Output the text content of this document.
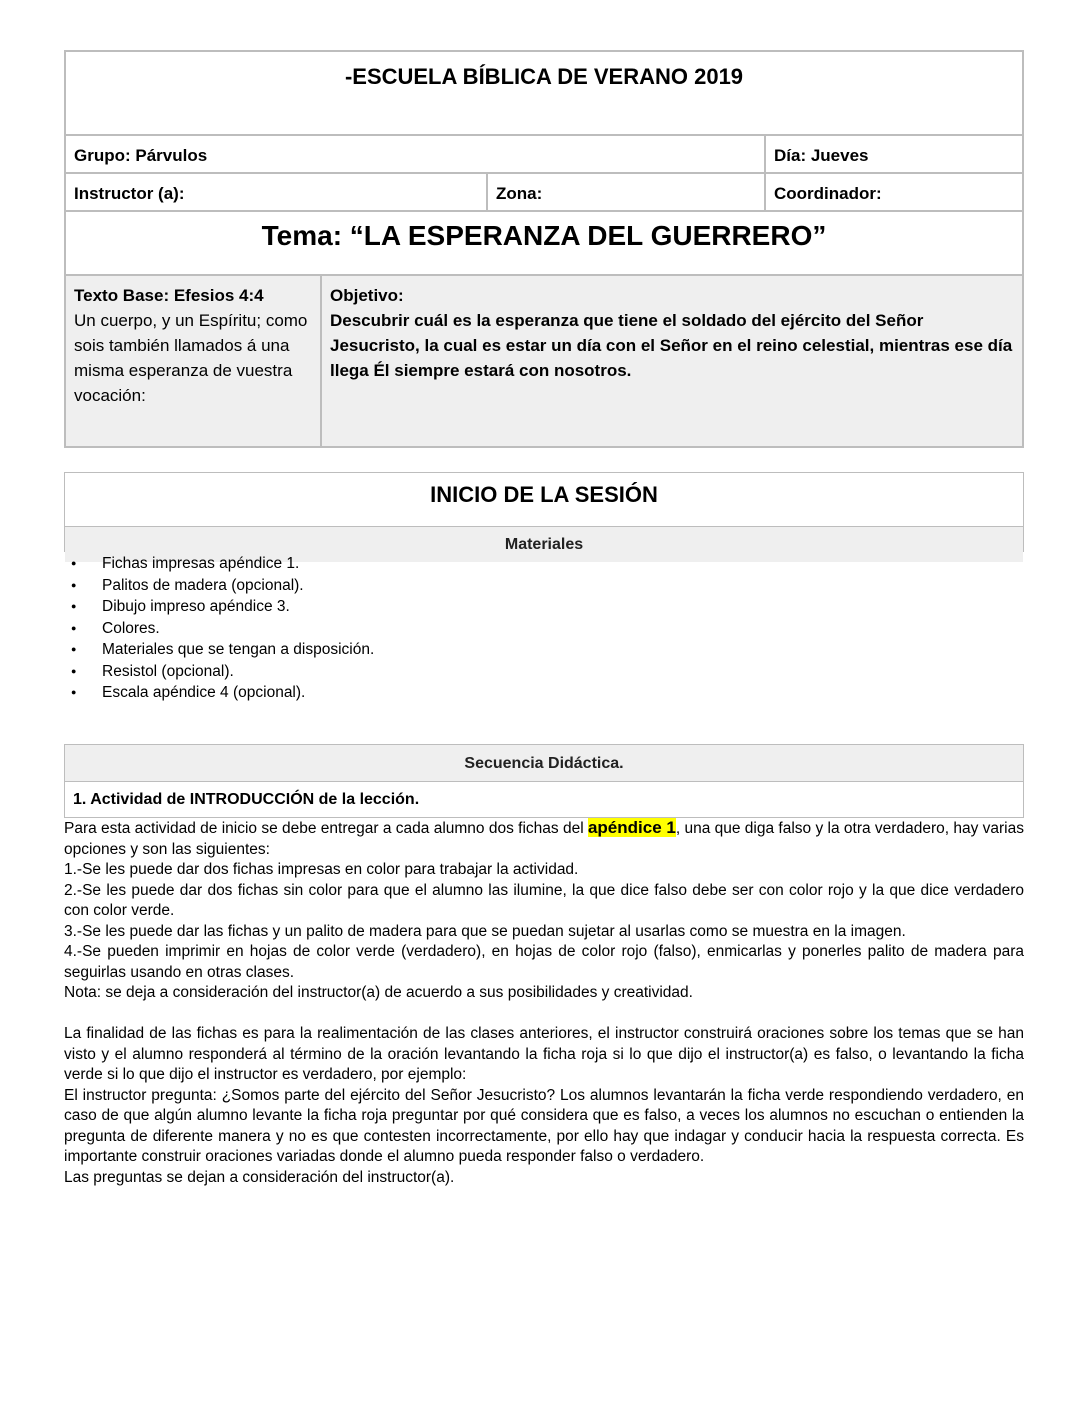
-ESCUELA BÍBLICA DE VERANO 2019
Grupo: Párvulos	Día: Jueves
Instructor (a):	Zona:	Coordinador:
Tema: “LA ESPERANZA DEL GUERRERO”
Texto Base: Efesios 4:4
Un cuerpo, y un Espíritu; como sois también llamados á una misma esperanza de vuestra vocación:
Objetivo:
Descubrir cuál es la esperanza que tiene el soldado del ejército del Señor Jesucristo, la cual es estar un día con el Señor en el reino celestial, mientras ese día llega Él siempre estará con nosotros.
INICIO DE LA SESIÓN
Materiales
● Fichas impresas apéndice 1.
● Palitos de madera (opcional).
● Dibujo impreso apéndice 3.
● Colores.
● Materiales que se tengan a disposición.
● Resistol (opcional).
● Escala apéndice 4 (opcional).
Secuencia Didáctica.
1. Actividad de INTRODUCCIÓN de la lección.

Para esta actividad de inicio se debe entregar a cada alumno dos fichas del apéndice 1, una que diga falso y la otra verdadero, hay varias opciones y son las siguientes:

1.-Se les puede dar dos fichas impresas en color para trabajar la actividad.

2.-Se les puede dar dos fichas sin color para que el alumno las ilumine, la que dice falso debe ser con color rojo y la que dice verdadero con color verde.

3.-Se les puede dar las fichas y un palito de madera para que se puedan sujetar al usarlas como se muestra en la imagen.

4.-Se pueden imprimir en hojas de color verde (verdadero), en hojas de color rojo (falso), enmicarlas y ponerles palito de madera para seguirlas usando en otras clases.

Nota: se deja a consideración del instructor(a) de acuerdo a sus posibilidades y creatividad.

La finalidad de las fichas es para la realimentación de las clases anteriores, el instructor construirá oraciones sobre los temas que se han visto y el alumno responderá al término de la oración levantando la ficha roja si lo que dijo el instructor(a) es falso, o levantando la ficha verde si lo que dijo el instructor es verdadero, por ejemplo:

El instructor pregunta: ¿Somos parte del ejército del Señor Jesucristo? Los alumnos levantarán la ficha verde respondiendo verdadero, en caso de que algún alumno levante la ficha roja preguntar por qué considera que es falso, a veces los alumnos no escuchan o entienden la pregunta de diferente manera y no es que contesten incorrectamente, por ello hay que indagar y conducir hacia la respuesta correcta. Es importante construir oraciones variadas donde el alumno pueda responder falso o verdadero.

Las preguntas se dejan a consideración del instructor(a).
